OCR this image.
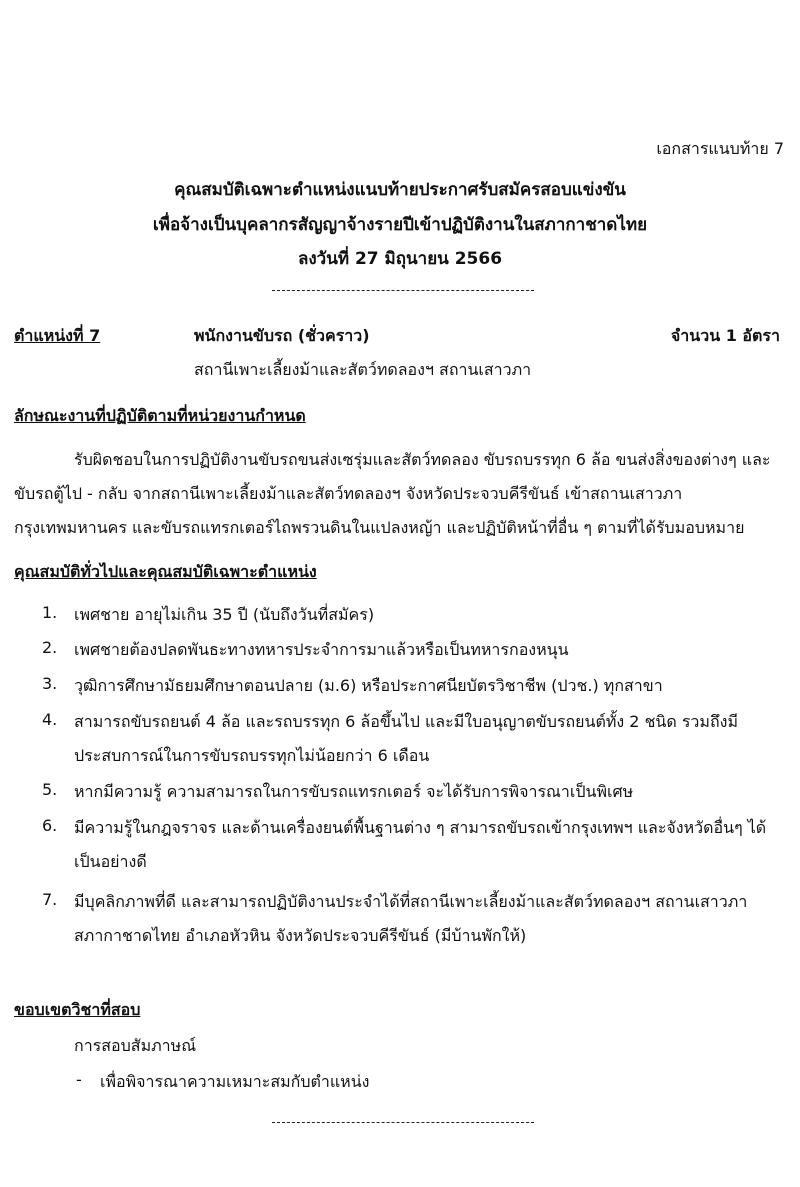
เอกสารแนบท้าย 7
คุณสมบัติเฉพาะตำแหน่งแนบท้ายประกาศรับสมัครสอบแข่งขัน
เพื่อจ้างเป็นบุคลากรสัญญาจ้างรายปีเข้าปฏิบัติงานในสภากาชาดไทย
ลงวันที่ 27 มิถุนายน 2566
ตำแหน่งที่ 7	พนักงานขับรถ (ชั่วคราว)	จำนวน 1 อัตรา
สถานีเพาะเลี้ยงม้าและสัตว์ทดลองฯ สถานเสาวภา
ลักษณะงานที่ปฏิบัติตามที่หน่วยงานกำหนด
รับผิดชอบในการปฏิบัติงานขับรถขนส่งเซรุ่มและสัตว์ทดลอง ขับรถบรรทุก 6 ล้อ ขนส่งสิ่งของต่างๆ และ
ขับรถตู้ไป - กลับ จากสถานีเพาะเลี้ยงม้าและสัตว์ทดลองฯ จังหวัดประจวบคีรีขันธ์ เข้าสถานเสาวภา
กรุงเทพมหานคร และขับรถแทรกเตอร์ไถพรวนดินในแปลงหญ้า และปฏิบัติหน้าที่อื่น ๆ ตามที่ได้รับมอบหมาย
คุณสมบัติทั่วไปและคุณสมบัติเฉพาะตำแหน่ง
1. เพศชาย อายุไม่เกิน 35 ปี (นับถึงวันที่สมัคร)
2. เพศชายต้องปลดพันธะทางทหารประจำการมาแล้วหรือเป็นทหารกองหนุน
3. วุฒิการศึกษามัธยมศึกษาตอนปลาย (ม.6) หรือประกาศนียบัตรวิชาชีพ (ปวช.) ทุกสาขา
4. สามารถขับรถยนต์ 4 ล้อ และรถบรรทุก 6 ล้อขึ้นไป และมีใบอนุญาตขับรถยนต์ทั้ง 2 ชนิด รวมถึงมี
ประสบการณ์ในการขับรถบรรทุกไม่น้อยกว่า 6 เดือน
5. หากมีความรู้ ความสามารถในการขับรถแทรกเตอร์ จะได้รับการพิจารณาเป็นพิเศษ
6. มีความรู้ในกฎจราจร และด้านเครื่องยนต์พื้นฐานต่าง ๆ สามารถขับรถเข้ากรุงเทพฯ และจังหวัดอื่นๆ ได้
เป็นอย่างดี
7. มีบุคลิกภาพที่ดี และสามารถปฏิบัติงานประจำได้ที่สถานีเพาะเลี้ยงม้าและสัตว์ทดลองฯ สถานเสาวภา
สภากาชาดไทย อำเภอหัวหิน จังหวัดประจวบคีรีขันธ์ (มีบ้านพักให้)
ขอบเขตวิชาที่สอบ
การสอบสัมภาษณ์
- เพื่อพิจารณาความเหมาะสมกับตำแหน่ง
